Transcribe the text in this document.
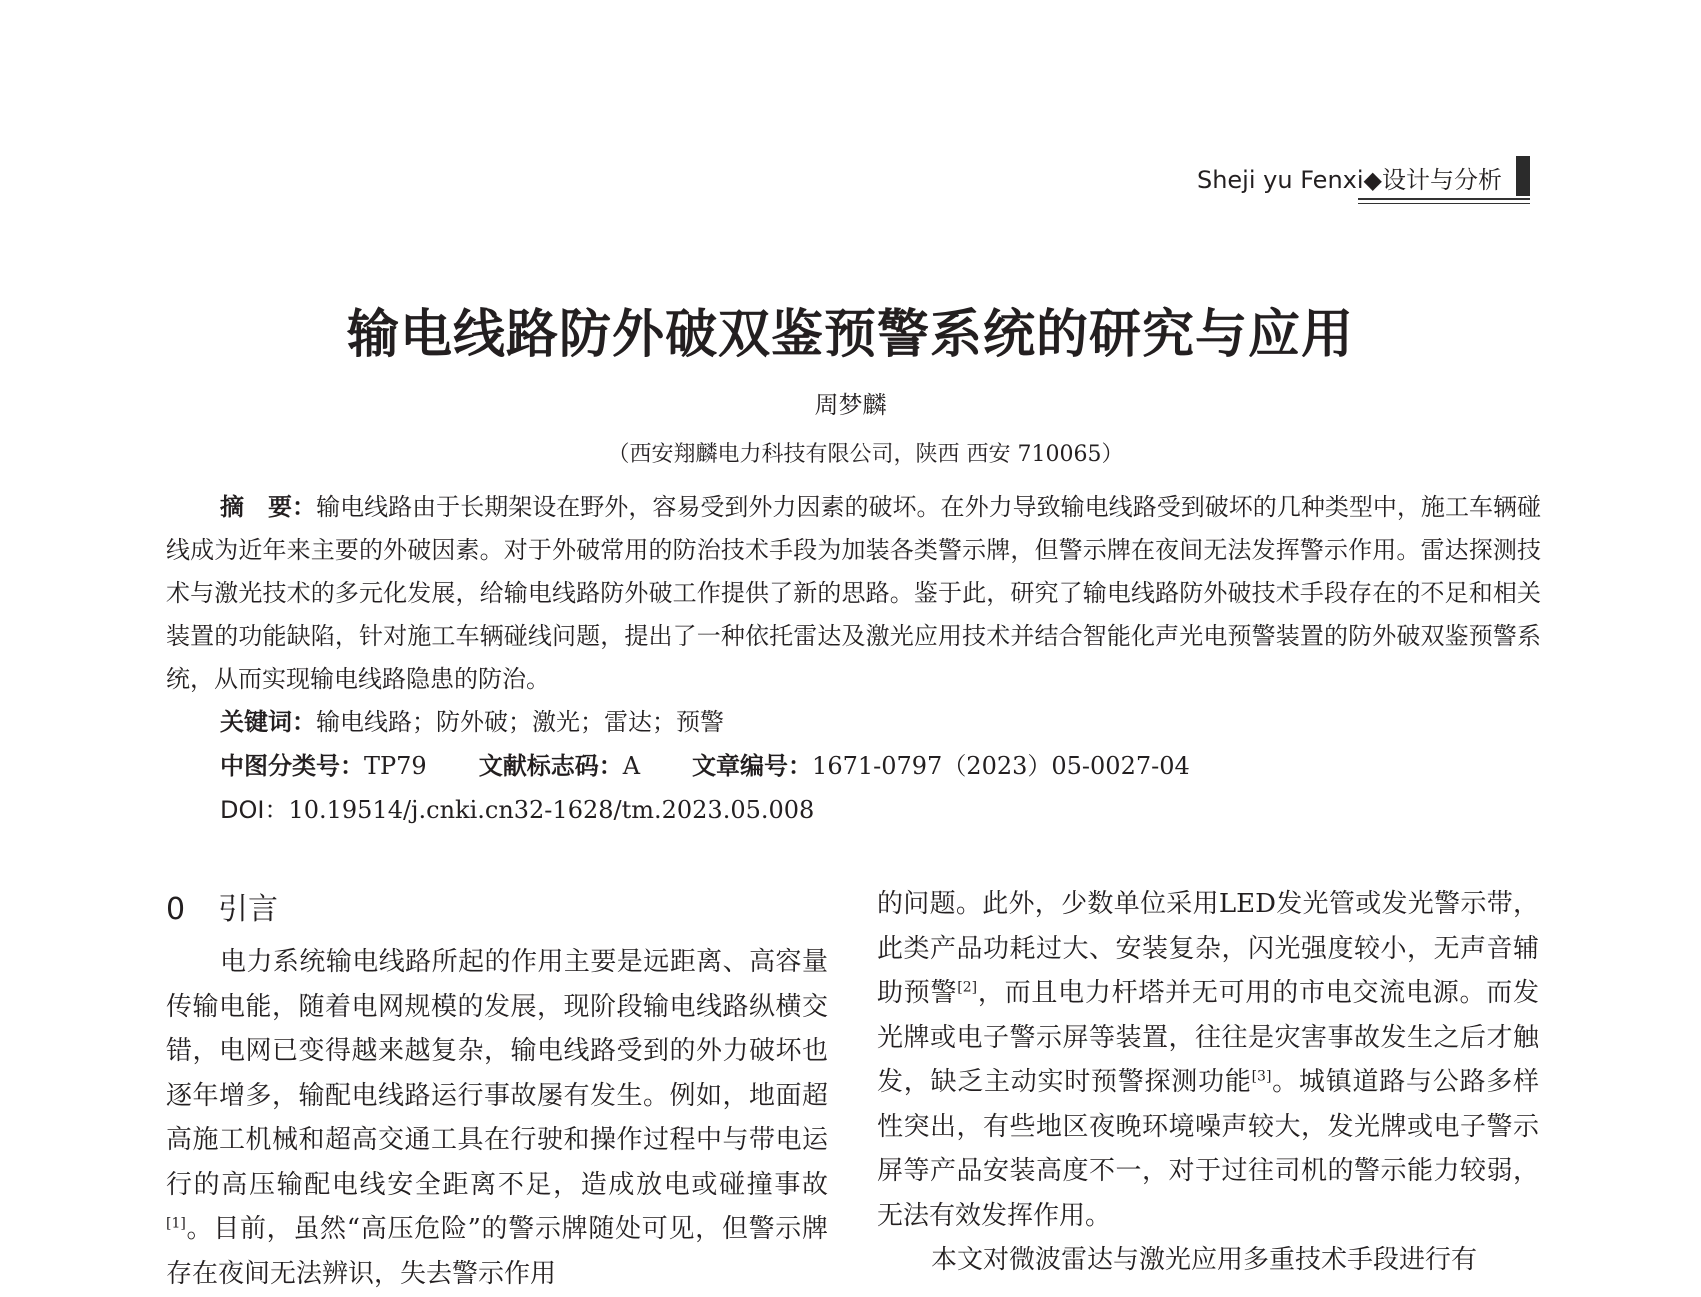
Sheji yu Fenxi◆设计与分析
输电线路防外破双鉴预警系统的研究与应用
周梦麟
（西安翔麟电力科技有限公司，陕西 西安 710065）
摘　要：输电线路由于长期架设在野外，容易受到外力因素的破坏。在外力导致输电线路受到破坏的几种类型中，施工车辆碰线成为近年来主要的外破因素。对于外破常用的防治技术手段为加装各类警示牌，但警示牌在夜间无法发挥警示作用。雷达探测技术与激光技术的多元化发展，给输电线路防外破工作提供了新的思路。鉴于此，研究了输电线路防外破技术手段存在的不足和相关装置的功能缺陷，针对施工车辆碰线问题，提出了一种依托雷达及激光应用技术并结合智能化声光电预警装置的防外破双鉴预警系统，从而实现输电线路隐患的防治。
关键词：输电线路；防外破；激光；雷达；预警
中图分类号：TP79 文献标志码：A 文章编号：1671-0797（2023）05-0027-04
DOI：10.19514/j.cnki.cn32-1628/tm.2023.05.008
0 引言
电力系统输电线路所起的作用主要是远距离、高容量传输电能，随着电网规模的发展，现阶段输电线路纵横交错，电网已变得越来越复杂，输电线路受到的外力破坏也逐年增多，输配电线路运行事故屡有发生。例如，地面超高施工机械和超高交通工具在行驶和操作过程中与带电运行的高压输配电线安全距离不足，造成放电或碰撞事故[1]。目前，虽然“高压危险”的警示牌随处可见，但警示牌存在夜间无法辨识，失去警示作用
的问题。此外，少数单位采用LED发光管或发光警示带，此类产品功耗过大、安装复杂，闪光强度较小，无声音辅助预警[2]，而且电力杆塔并无可用的市电交流电源。而发光牌或电子警示屏等装置，往往是灾害事故发生之后才触发，缺乏主动实时预警探测功能[3]。城镇道路与公路多样性突出，有些地区夜晚环境噪声较大，发光牌或电子警示屏等产品安装高度不一，对于过往司机的警示能力较弱，无法有效发挥作用。
本文对微波雷达与激光应用多重技术手段进行有
